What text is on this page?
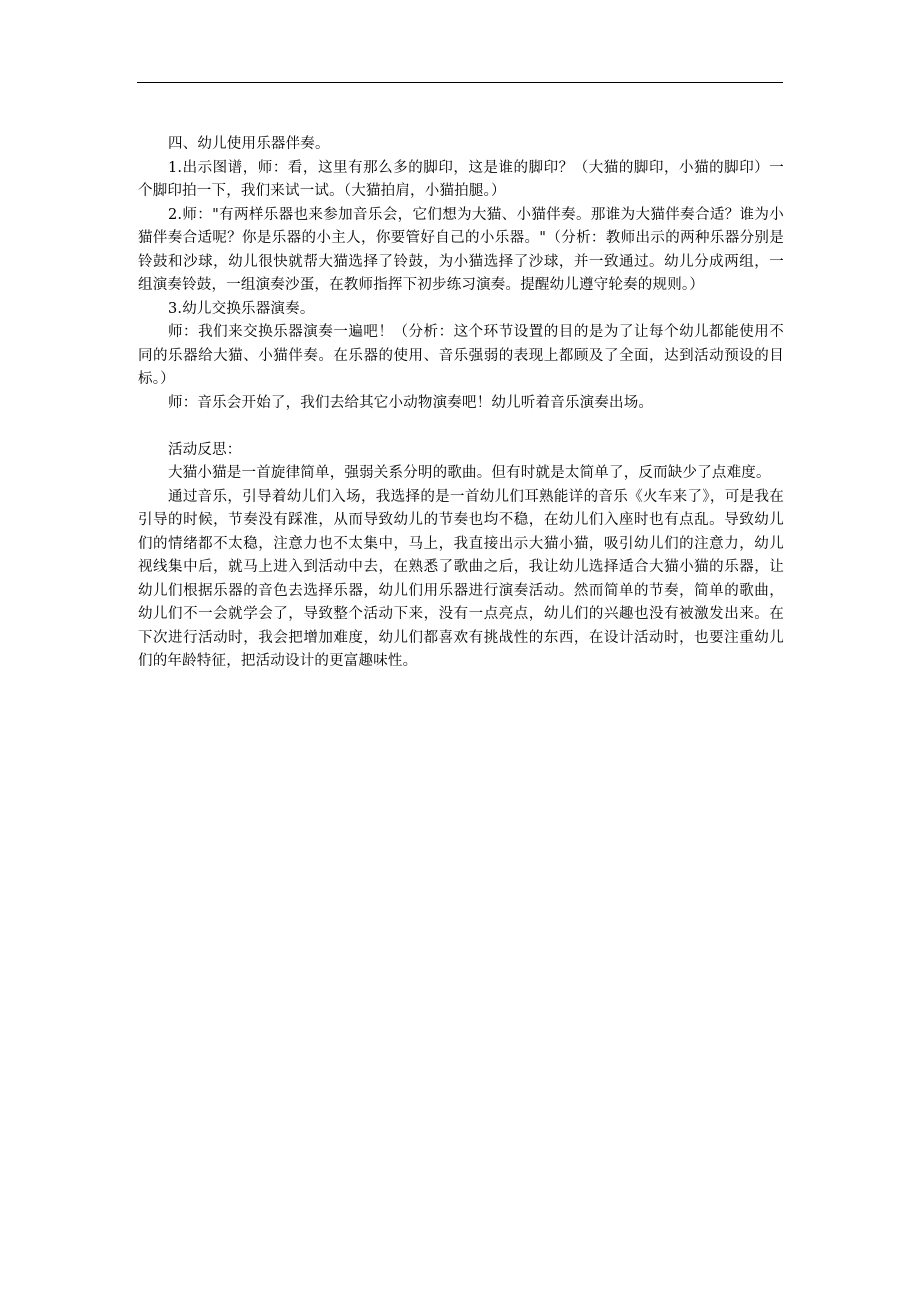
四、幼儿使用乐器伴奏。

1.出示图谱，师：看，这里有那么多的脚印，这是谁的脚印？（大猫的脚印，小猫的脚印）一个脚印拍一下，我们来试一试。（大猫拍肩，小猫拍腿。）

2.师："有两样乐器也来参加音乐会，它们想为大猫、小猫伴奏。那谁为大猫伴奏合适？谁为小猫伴奏合适呢？你是乐器的小主人，你要管好自己的小乐器。"（分析：教师出示的两种乐器分别是铃鼓和沙球，幼儿很快就帮大猫选择了铃鼓，为小猫选择了沙球，并一致通过。幼儿分成两组，一组演奏铃鼓，一组演奏沙蛋，在教师指挥下初步练习演奏。提醒幼儿遵守轮奏的规则。）

3.幼儿交换乐器演奏。

师：我们来交换乐器演奏一遍吧！（分析：这个环节设置的目的是为了让每个幼儿都能使用不同的乐器给大猫、小猫伴奏。在乐器的使用、音乐强弱的表现上都顾及了全面，达到活动预设的目标。）

师：音乐会开始了，我们去给其它小动物演奏吧！幼儿听着音乐演奏出场。

活动反思：

大猫小猫是一首旋律简单，强弱关系分明的歌曲。但有时就是太简单了，反而缺少了点难度。

通过音乐，引导着幼儿们入场，我选择的是一首幼儿们耳熟能详的音乐《火车来了》，可是我在引导的时候，节奏没有踩准，从而导致幼儿的节奏也均不稳，在幼儿们入座时也有点乱。导致幼儿们的情绪都不太稳，注意力也不太集中，马上，我直接出示大猫小猫，吸引幼儿们的注意力，幼儿视线集中后，就马上进入到活动中去，在熟悉了歌曲之后，我让幼儿选择适合大猫小猫的乐器，让幼儿们根据乐器的音色去选择乐器，幼儿们用乐器进行演奏活动。然而简单的节奏，简单的歌曲，幼儿们不一会就学会了，导致整个活动下来，没有一点亮点，幼儿们的兴趣也没有被激发出来。在下次进行活动时，我会把增加难度，幼儿们都喜欢有挑战性的东西，在设计活动时，也要注重幼儿们的年龄特征，把活动设计的更富趣味性。
